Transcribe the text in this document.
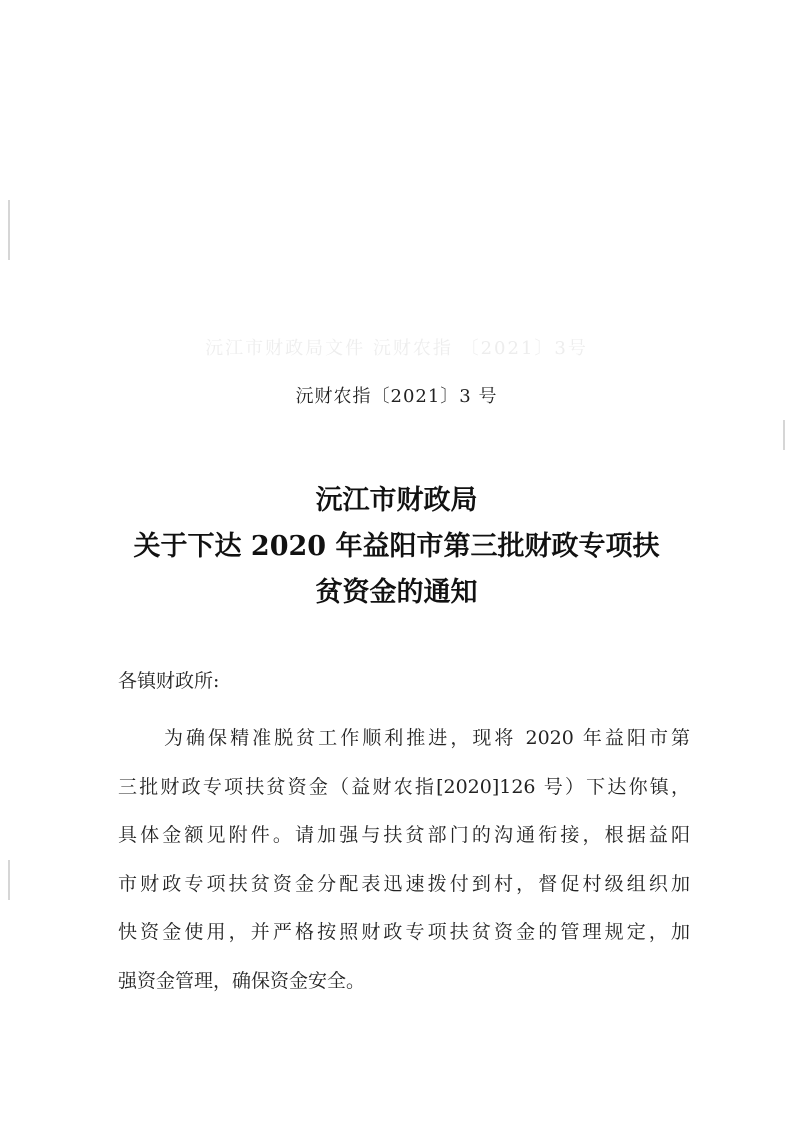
沅江市财政局文件 沅财农指 〔2021〕3号
沅财农指〔2021〕3 号
沅江市财政局
关于下达 2020 年益阳市第三批财政专项扶
贫资金的通知
各镇财政所:
为确保精准脱贫工作顺利推进，现将 2020 年益阳市第
三批财政专项扶贫资金（益财农指[2020]126 号）下达你镇，
具体金额见附件。请加强与扶贫部门的沟通衔接，根据益阳
市财政专项扶贫资金分配表迅速拨付到村，督促村级组织加
快资金使用，并严格按照财政专项扶贫资金的管理规定，加
强资金管理，确保资金安全。
